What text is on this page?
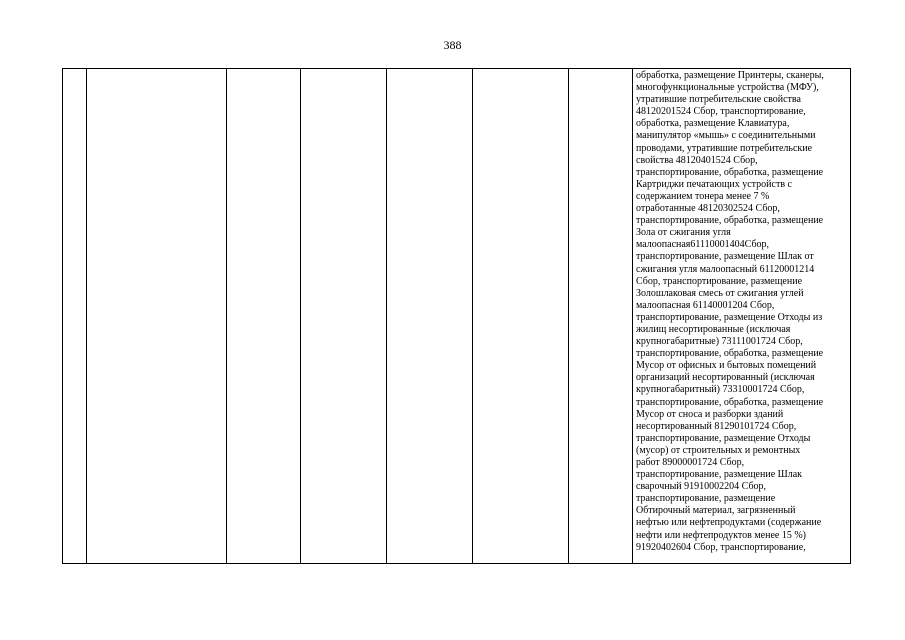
388

обработка, размещение Принтеры, сканеры,
многофункциональные устройства (МФУ),
утратившие потребительские свойства
48120201524 Сбор, транспортирование,
обработка, размещение Клавиатура,
манипулятор «мышь» с соединительными
проводами, утратившие потребительские
свойства 48120401524 Сбор,
транспортирование, обработка, размещение
Картриджи печатающих устройств с
содержанием тонера менее 7 %
отработанные 48120302524 Сбор,
транспортирование, обработка, размещение
Зола от сжигания угля
малоопасная61110001404Сбор,
транспортирование, размещение Шлак от
сжигания угля малоопасный 61120001214
Сбор, транспортирование, размещение
Золошлаковая смесь от сжигания углей
малоопасная 61140001204 Сбор,
транспортирование, размещение Отходы из
жилищ несортированные (исключая
крупногабаритные) 73111001724 Сбор,
транспортирование, обработка, размещение
Мусор от офисных и бытовых помещений
организаций несортированный (исключая
крупногабаритный) 73310001724 Сбор,
транспортирование, обработка, размещение
Мусор от сноса и разборки зданий
несортированный 81290101724 Сбор,
транспортирование, размещение Отходы
(мусор) от строительных и ремонтных
работ 89000001724 Сбор,
транспортирование, размещение Шлак
сварочный 91910002204 Сбор,
транспортирование, размещение
Обтирочный материал, загрязненный
нефтью или нефтепродуктами (содержание
нефти или нефтепродуктов менее 15 %)
91920402604 Сбор, транспортирование,
